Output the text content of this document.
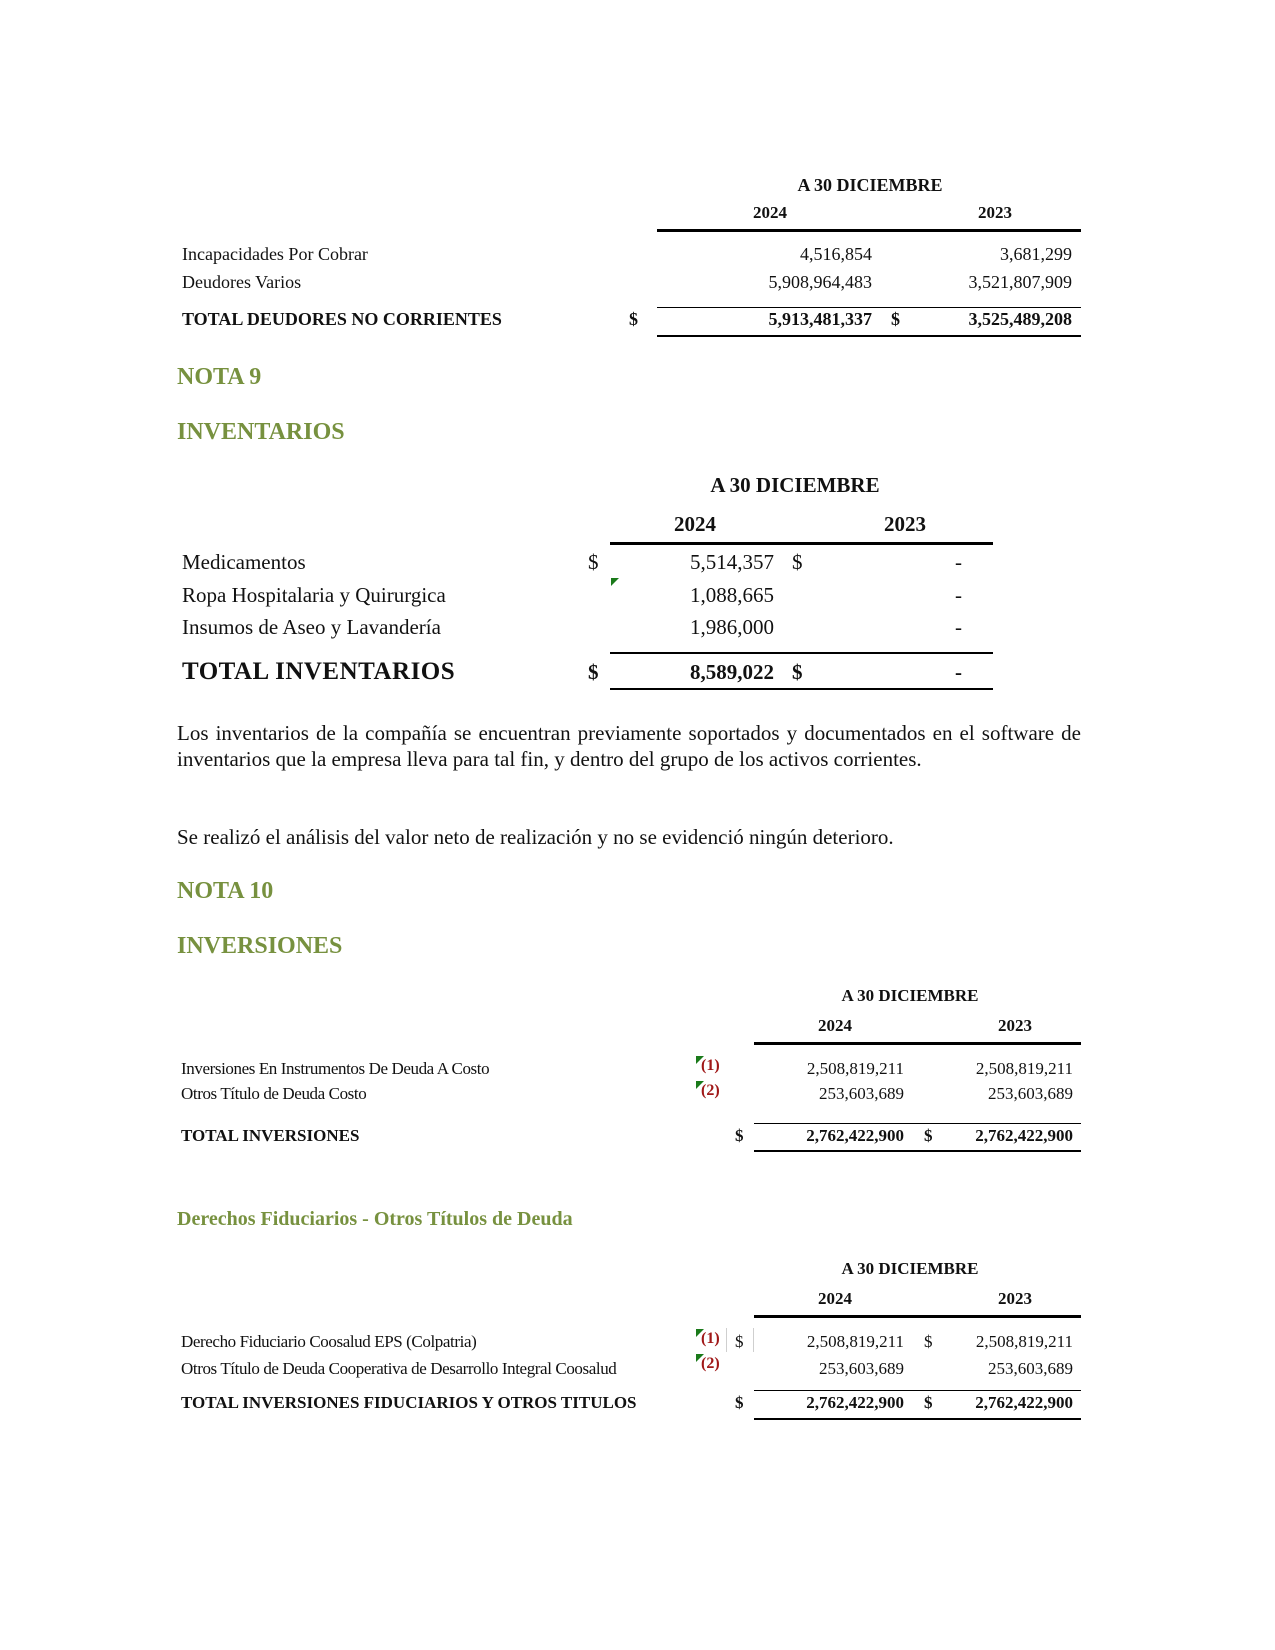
A 30 DICIEMBRE
2024	2023
Incapacidades Por Cobrar	4,516,854	3,681,299
Deudores Varios	5,908,964,483	3,521,807,909
TOTAL DEUDORES NO CORRIENTES	$	5,913,481,337 $	3,525,489,208
NOTA 9
INVENTARIOS
A 30 DICIEMBRE
2024	2023
Medicamentos	$	5,514,357 $	-
Ropa Hospitalaria y Quirurgica	1,088,665	-
Insumos de Aseo y Lavandería	1,986,000	-
TOTAL INVENTARIOS	$	8,589,022 $	-
Los inventarios de la compañía se encuentran previamente soportados y documentados en el software de inventarios que la empresa lleva para tal fin, y dentro del grupo de los activos corrientes.
Se realizó el análisis del valor neto de realización y no se evidenció ningún deterioro.
NOTA 10
INVERSIONES
A 30 DICIEMBRE
2024	2023
Inversiones En Instrumentos De Deuda A Costo	(1)	2,508,819,211	2,508,819,211
Otros Título de Deuda Costo	(2)	253,603,689	253,603,689
TOTAL INVERSIONES	$	2,762,422,900 $	2,762,422,900
Derechos Fiduciarios - Otros Títulos de Deuda
A 30 DICIEMBRE
2024	2023
Derecho Fiduciario Coosalud EPS (Colpatria)	(1) $	2,508,819,211 $	2,508,819,211
Otros Título de Deuda Cooperativa de Desarrollo Integral Coosalud	(2)	253,603,689	253,603,689
TOTAL INVERSIONES FIDUCIARIOS Y OTROS TITULOS	$	2,762,422,900 $	2,762,422,900
